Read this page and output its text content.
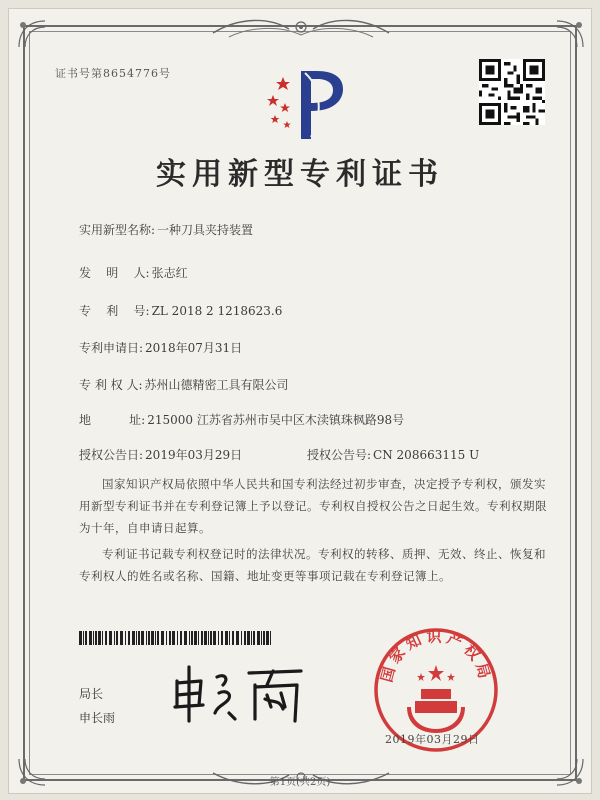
证书号第8654776号
实用新型专利证书
实用新型名称: 一种刀具夹持装置
发    明    人: 张志红
专    利    号: ZL 2018 2 1218623.6
专利申请日: 2018年07月31日
专 利 权 人: 苏州山德精密工具有限公司
地          址: 215000 江苏省苏州市吴中区木渎镇珠枫路98号
授权公告日: 2019年03月29日	授权公告号: CN 208663115 U
国家知识产权局依照中华人民共和国专利法经过初步审查，决定授予专利权，颁发实用新型专利证书并在专利登记簿上予以登记。专利权自授权公告之日起生效。专利权期限为十年，自申请日起算。
专利证书记载专利权登记时的法律状况。专利权的转移、质押、无效、终止、恢复和专利权人的姓名或名称、国籍、地址变更等事项记载在专利登记簿上。
局长
申长雨
国家知识产权局
2019年03月29日
第1页(共2页)
